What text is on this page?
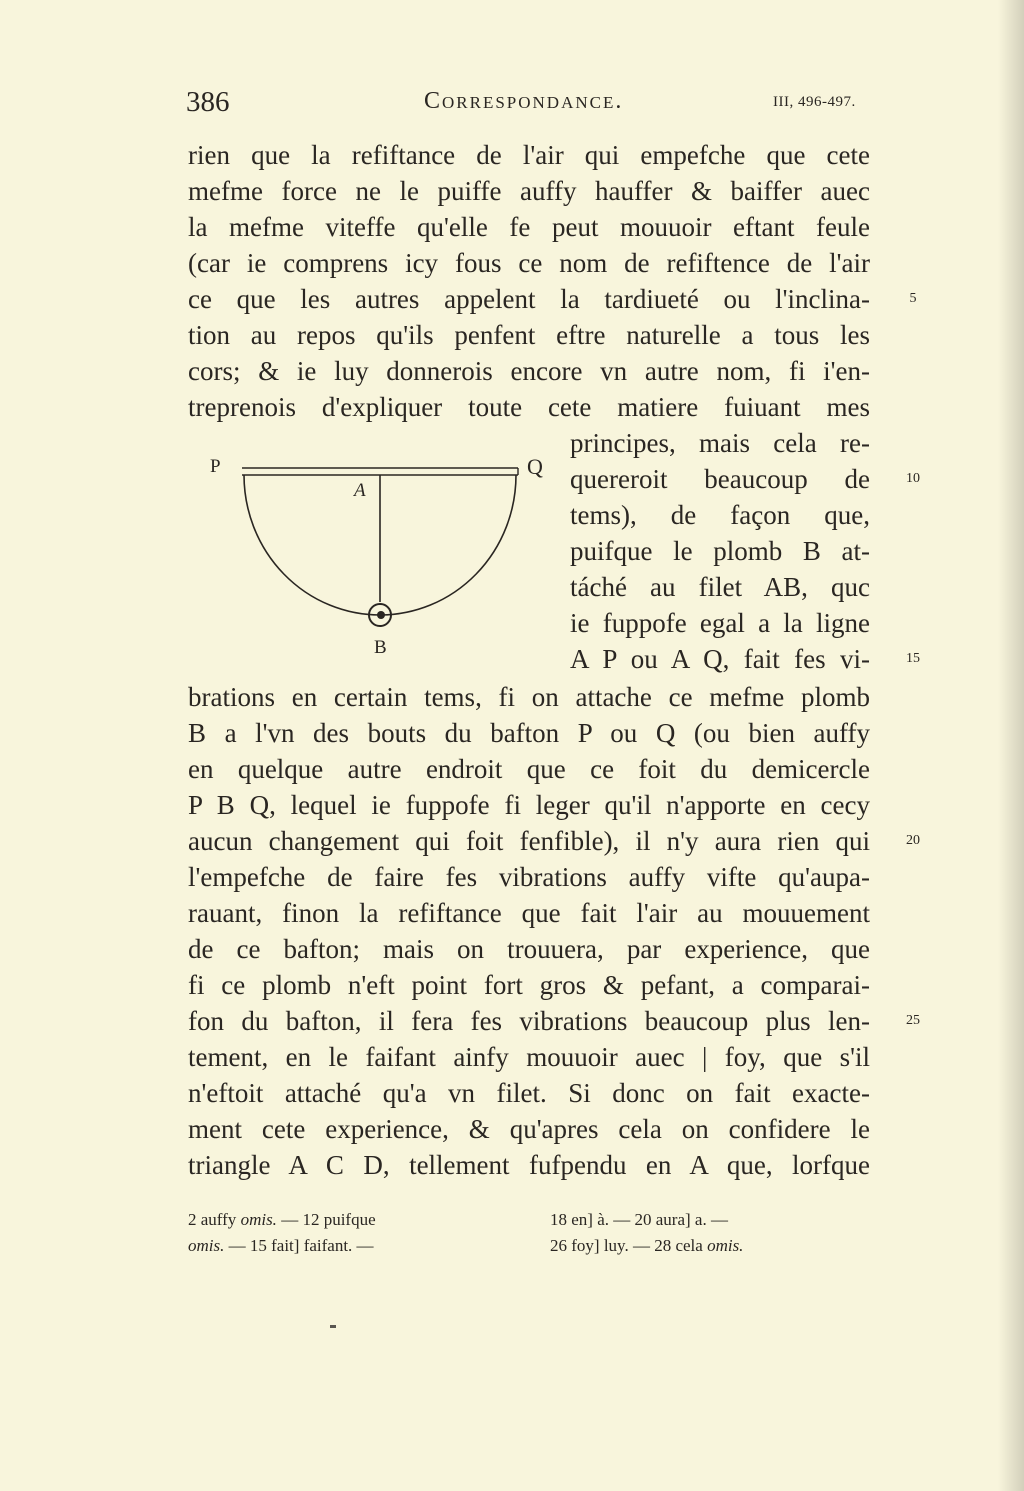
386	Correspondance.	III, 496-497.
rien que la refiftance de l'air qui empefche que cete
mefme force ne le puiffe auffy hauffer & baiffer auec
la mefme viteffe qu'elle fe peut mouuoir eftant feule
(car ie comprens icy fous ce nom de refiftence de l'air
ce que les autres appelent la tardiueté ou l'inclina-
tion au repos qu'ils penfent eftre naturelle a tous les
cors; & ie luy donnerois encore vn autre nom, fi i'en-
treprenois d'expliquer toute cete matiere fuiuant mes
principes, mais cela re-
quereroit beaucoup de
tems), de façon que,
puifque le plomb B at-
táché au filet AB, quc
ie fuppofe egal a la ligne
A P ou A Q, fait fes vi-
brations en certain tems, fi on attache ce mefme plomb
B a l'vn des bouts du bafton P ou Q (ou bien auffy
en quelque autre endroit que ce foit du demicercle
P B Q, lequel ie fuppofe fi leger qu'il n'apporte en cecy
aucun changement qui foit fenfible), il n'y aura rien qui
l'empefche de faire fes vibrations auffy vifte qu'aupa-
rauant, finon la refiftance que fait l'air au mouuement
de ce bafton; mais on trouuera, par experience, que
fi ce plomb n'eft point fort gros & pefant, a comparai-
fon du bafton, il fera fes vibrations beaucoup plus len-
tement, en le faifant ainfy mouuoir auec | foy, que s'il
n'eftoit attaché qu'a vn filet. Si donc on fait exacte-
ment cete experience, & qu'apres cela on confidere le
triangle A C D, tellement fufpendu en A que, lorfque
5
10
15
20
25
P	Q
A
B
2 auffy omis. — 12 puifque
omis. — 15 fait] faifant. —
18 en] à. — 20 aura] a. —
26 foy] luy. — 28 cela omis.
